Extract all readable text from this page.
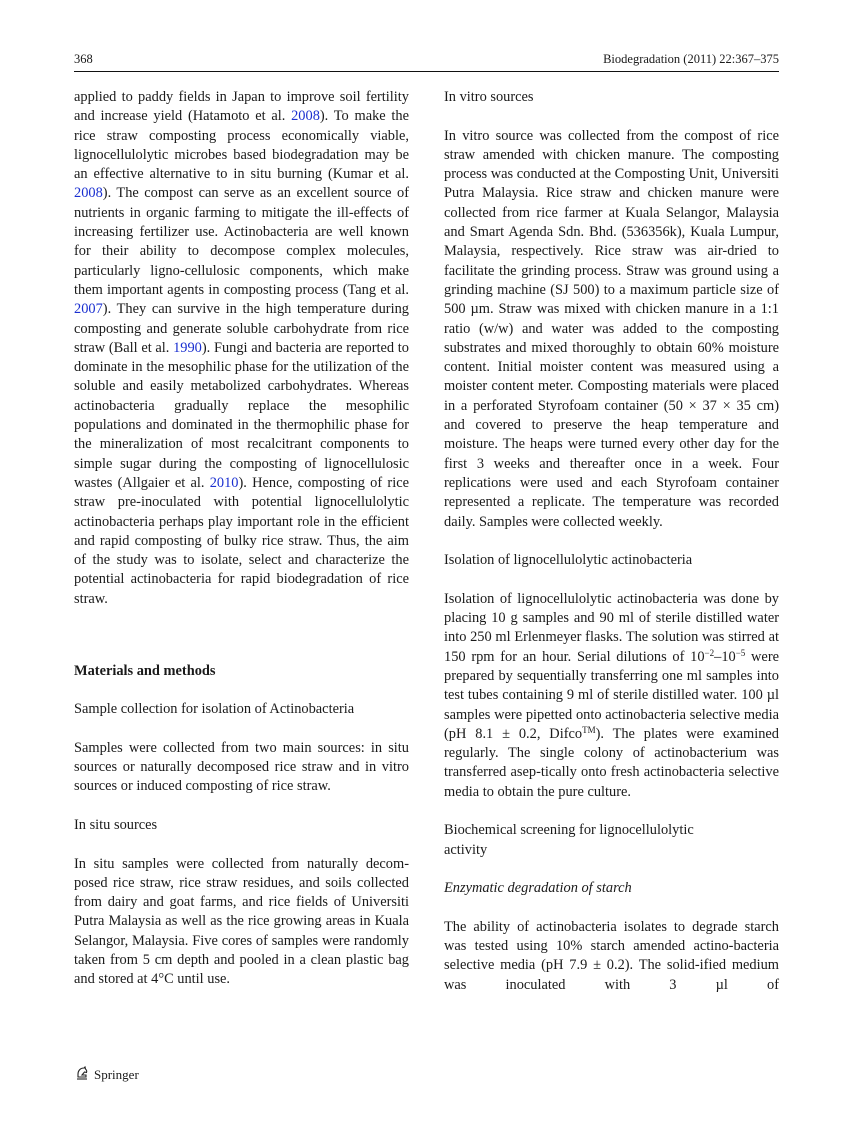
368	Biodegradation (2011) 22:367–375

applied to paddy fields in Japan to improve soil fertility and increase yield (Hatamoto et al. 2008). To make the rice straw composting process economically viable, lignocellulolytic microbes based biodegradation may be an effective alternative to in situ burning (Kumar et al. 2008). The compost can serve as an excellent source of nutrients in organic farming to mitigate the ill-effects of increasing fertilizer use. Actinobacteria are well known for their ability to decompose complex molecules, particularly ligno-cellulosic components, which make them important agents in composting process (Tang et al. 2007). They can survive in the high temperature during composting and generate soluble carbohydrate from rice straw (Ball et al. 1990). Fungi and bacteria are reported to dominate in the mesophilic phase for the utilization of the soluble and easily metabolized carbohydrates. Whereas actinobacteria gradually replace the mesophilic populations and dominated in the thermophilic phase for the mineralization of most recalcitrant components to simple sugar during the composting of lignocellulosic wastes (Allgaier et al. 2010). Hence, composting of rice straw pre-inoculated with potential lignocellulolytic actinobacteria perhaps play important role in the efficient and rapid composting of bulky rice straw. Thus, the aim of the study was to isolate, select and characterize the potential actinobacteria for rapid biodegradation of rice straw.

Materials and methods

Sample collection for isolation of Actinobacteria

Samples were collected from two main sources: in situ sources or naturally decomposed rice straw and in vitro sources or induced composting of rice straw.

In situ sources

In situ samples were collected from naturally decom-posed rice straw, rice straw residues, and soils collected from dairy and goat farms, and rice fields of Universiti Putra Malaysia as well as the rice growing areas in Kuala Selangor, Malaysia. Five cores of samples were randomly taken from 5 cm depth and pooled in a clean plastic bag and stored at 4°C until use.

In vitro sources

In vitro source was collected from the compost of rice straw amended with chicken manure. The composting process was conducted at the Composting Unit, Universiti Putra Malaysia. Rice straw and chicken manure were collected from rice farmer at Kuala Selangor, Malaysia and Smart Agenda Sdn. Bhd. (536356k), Kuala Lumpur, Malaysia, respectively. Rice straw was air-dried to facilitate the grinding process. Straw was ground using a grinding machine (SJ 500) to a maximum particle size of 500 µm. Straw was mixed with chicken manure in a 1:1 ratio (w/w) and water was added to the composting substrates and mixed thoroughly to obtain 60% moisture content. Initial moister content was measured using a moister content meter. Composting materials were placed in a perforated Styrofoam container (50 × 37 × 35 cm) and covered to preserve the heap temperature and moisture. The heaps were turned every other day for the first 3 weeks and thereafter once in a week. Four replications were used and each Styrofoam container represented a replicate. The temperature was recorded daily. Samples were collected weekly.

Isolation of lignocellulolytic actinobacteria

Isolation of lignocellulolytic actinobacteria was done by placing 10 g samples and 90 ml of sterile distilled water into 250 ml Erlenmeyer flasks. The solution was stirred at 150 rpm for an hour. Serial dilutions of $10^{-2}-10^{-5}$ were prepared by sequentially transferring one ml samples into test tubes containing 9 ml of sterile distilled water. 100 µl samples were pipetted onto actinobacteria selective media (pH 8.1 ± 0.2, Difco™). The plates were examined regularly. The single colony of actinobacterium was transferred asep-tically onto fresh actinobacteria selective media to obtain the pure culture.

Biochemical screening for lignocellulolytic activity

Enzymatic degradation of starch

The ability of actinobacteria isolates to degrade starch was tested using 10% starch amended actino-bacteria selective media (pH 7.9 ± 0.2). The solid-ified medium was inoculated with 3 µl of

Springer
